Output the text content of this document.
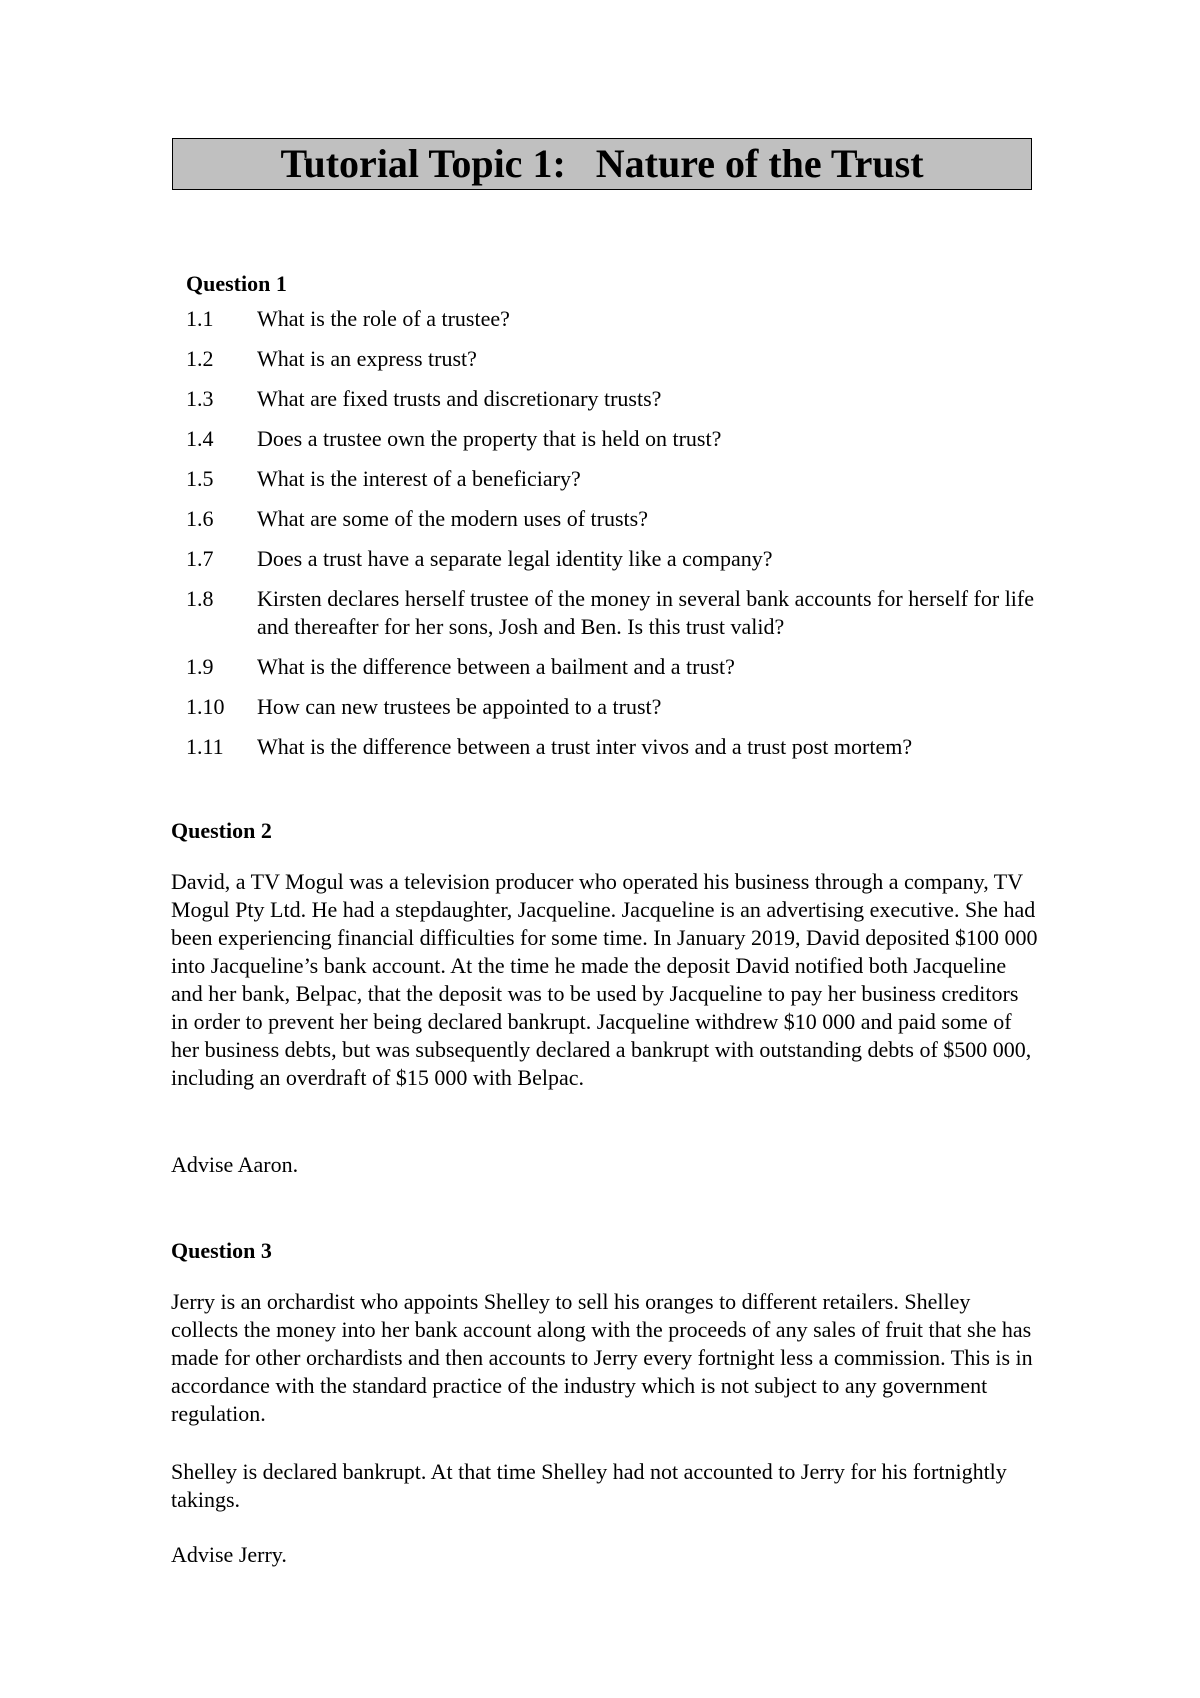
Tutorial Topic 1:   Nature of the Trust
Question 1
1.1	What is the role of a trustee?
1.2	What is an express trust?
1.3	What are fixed trusts and discretionary trusts?
1.4	Does a trustee own the property that is held on trust?
1.5	What is the interest of a beneficiary?
1.6	What are some of the modern uses of trusts?
1.7	Does a trust have a separate legal identity like a company?
1.8	Kirsten declares herself trustee of the money in several bank accounts for herself for life and thereafter for her sons, Josh and Ben. Is this trust valid?
1.9	What is the difference between a bailment and a trust?
1.10	How can new trustees be appointed to a trust?
1.11	What is the difference between a trust inter vivos and a trust post mortem?
Question 2

David, a TV Mogul was a television producer who operated his business through a company, TV Mogul Pty Ltd. He had a stepdaughter, Jacqueline. Jacqueline is an advertising executive. She had been experiencing financial difficulties for some time. In January 2019, David deposited $100 000 into Jacqueline’s bank account. At the time he made the deposit David notified both Jacqueline and her bank, Belpac, that the deposit was to be used by Jacqueline to pay her business creditors in order to prevent her being declared bankrupt. Jacqueline withdrew $10 000 and paid some of her business debts, but was subsequently declared a bankrupt with outstanding debts of $500 000, including an overdraft of $15 000 with Belpac.

Advise Aaron.

Question 3

Jerry is an orchardist who appoints Shelley to sell his oranges to different retailers. Shelley collects the money into her bank account along with the proceeds of any sales of fruit that she has made for other orchardists and then accounts to Jerry every fortnight less a commission. This is in accordance with the standard practice of the industry which is not subject to any government regulation.

Shelley is declared bankrupt. At that time Shelley had not accounted to Jerry for his fortnightly takings.

Advise Jerry.
